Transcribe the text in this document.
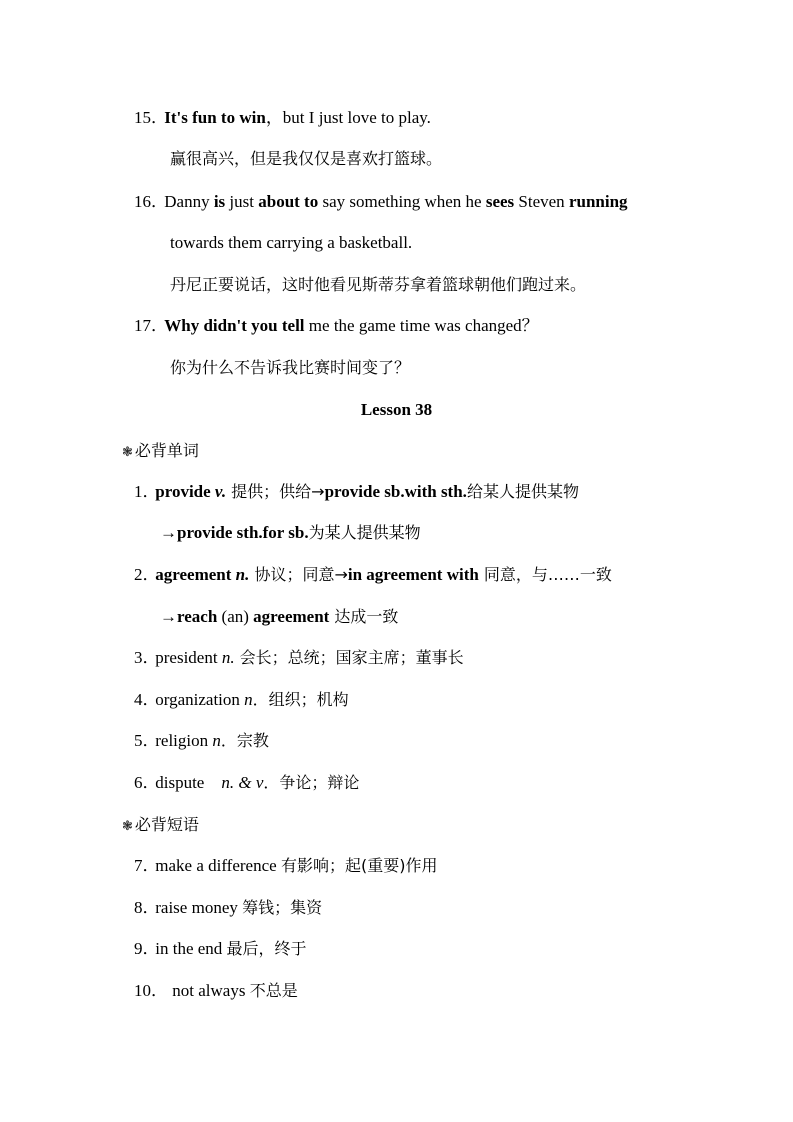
15． It's fun to win，but I just love to play.
赢很高兴，但是我仅仅是喜欢打篮球。
16． Danny is just about to say something when he sees Steven running
towards them carrying a basketball.
丹尼正要说话，这时他看见斯蒂芬拿着篮球朝他们跑过来。
17． Why didn't you tell me the game time was changed？
你为什么不告诉我比赛时间变了？
Lesson 38
❃ 必背单词
1． provide v. 提供；供给→provide sb.with sth.给某人提供某物
→provide sth.for sb.为某人提供某物
2． agreement n. 协议；同意→in agreement with 同意，与……一致
→reach (an) agreement 达成一致
3． president n. 会长；总统；国家主席；董事长
4． organization n．组织；机构
5． religion n．宗教
6． dispute　n. & v．争论；辩论
❃ 必背短语
7． make a difference 有影响；起(重要)作用
8． raise money 筹钱；集资
9． in the end 最后，终于
10． not always 不总是
